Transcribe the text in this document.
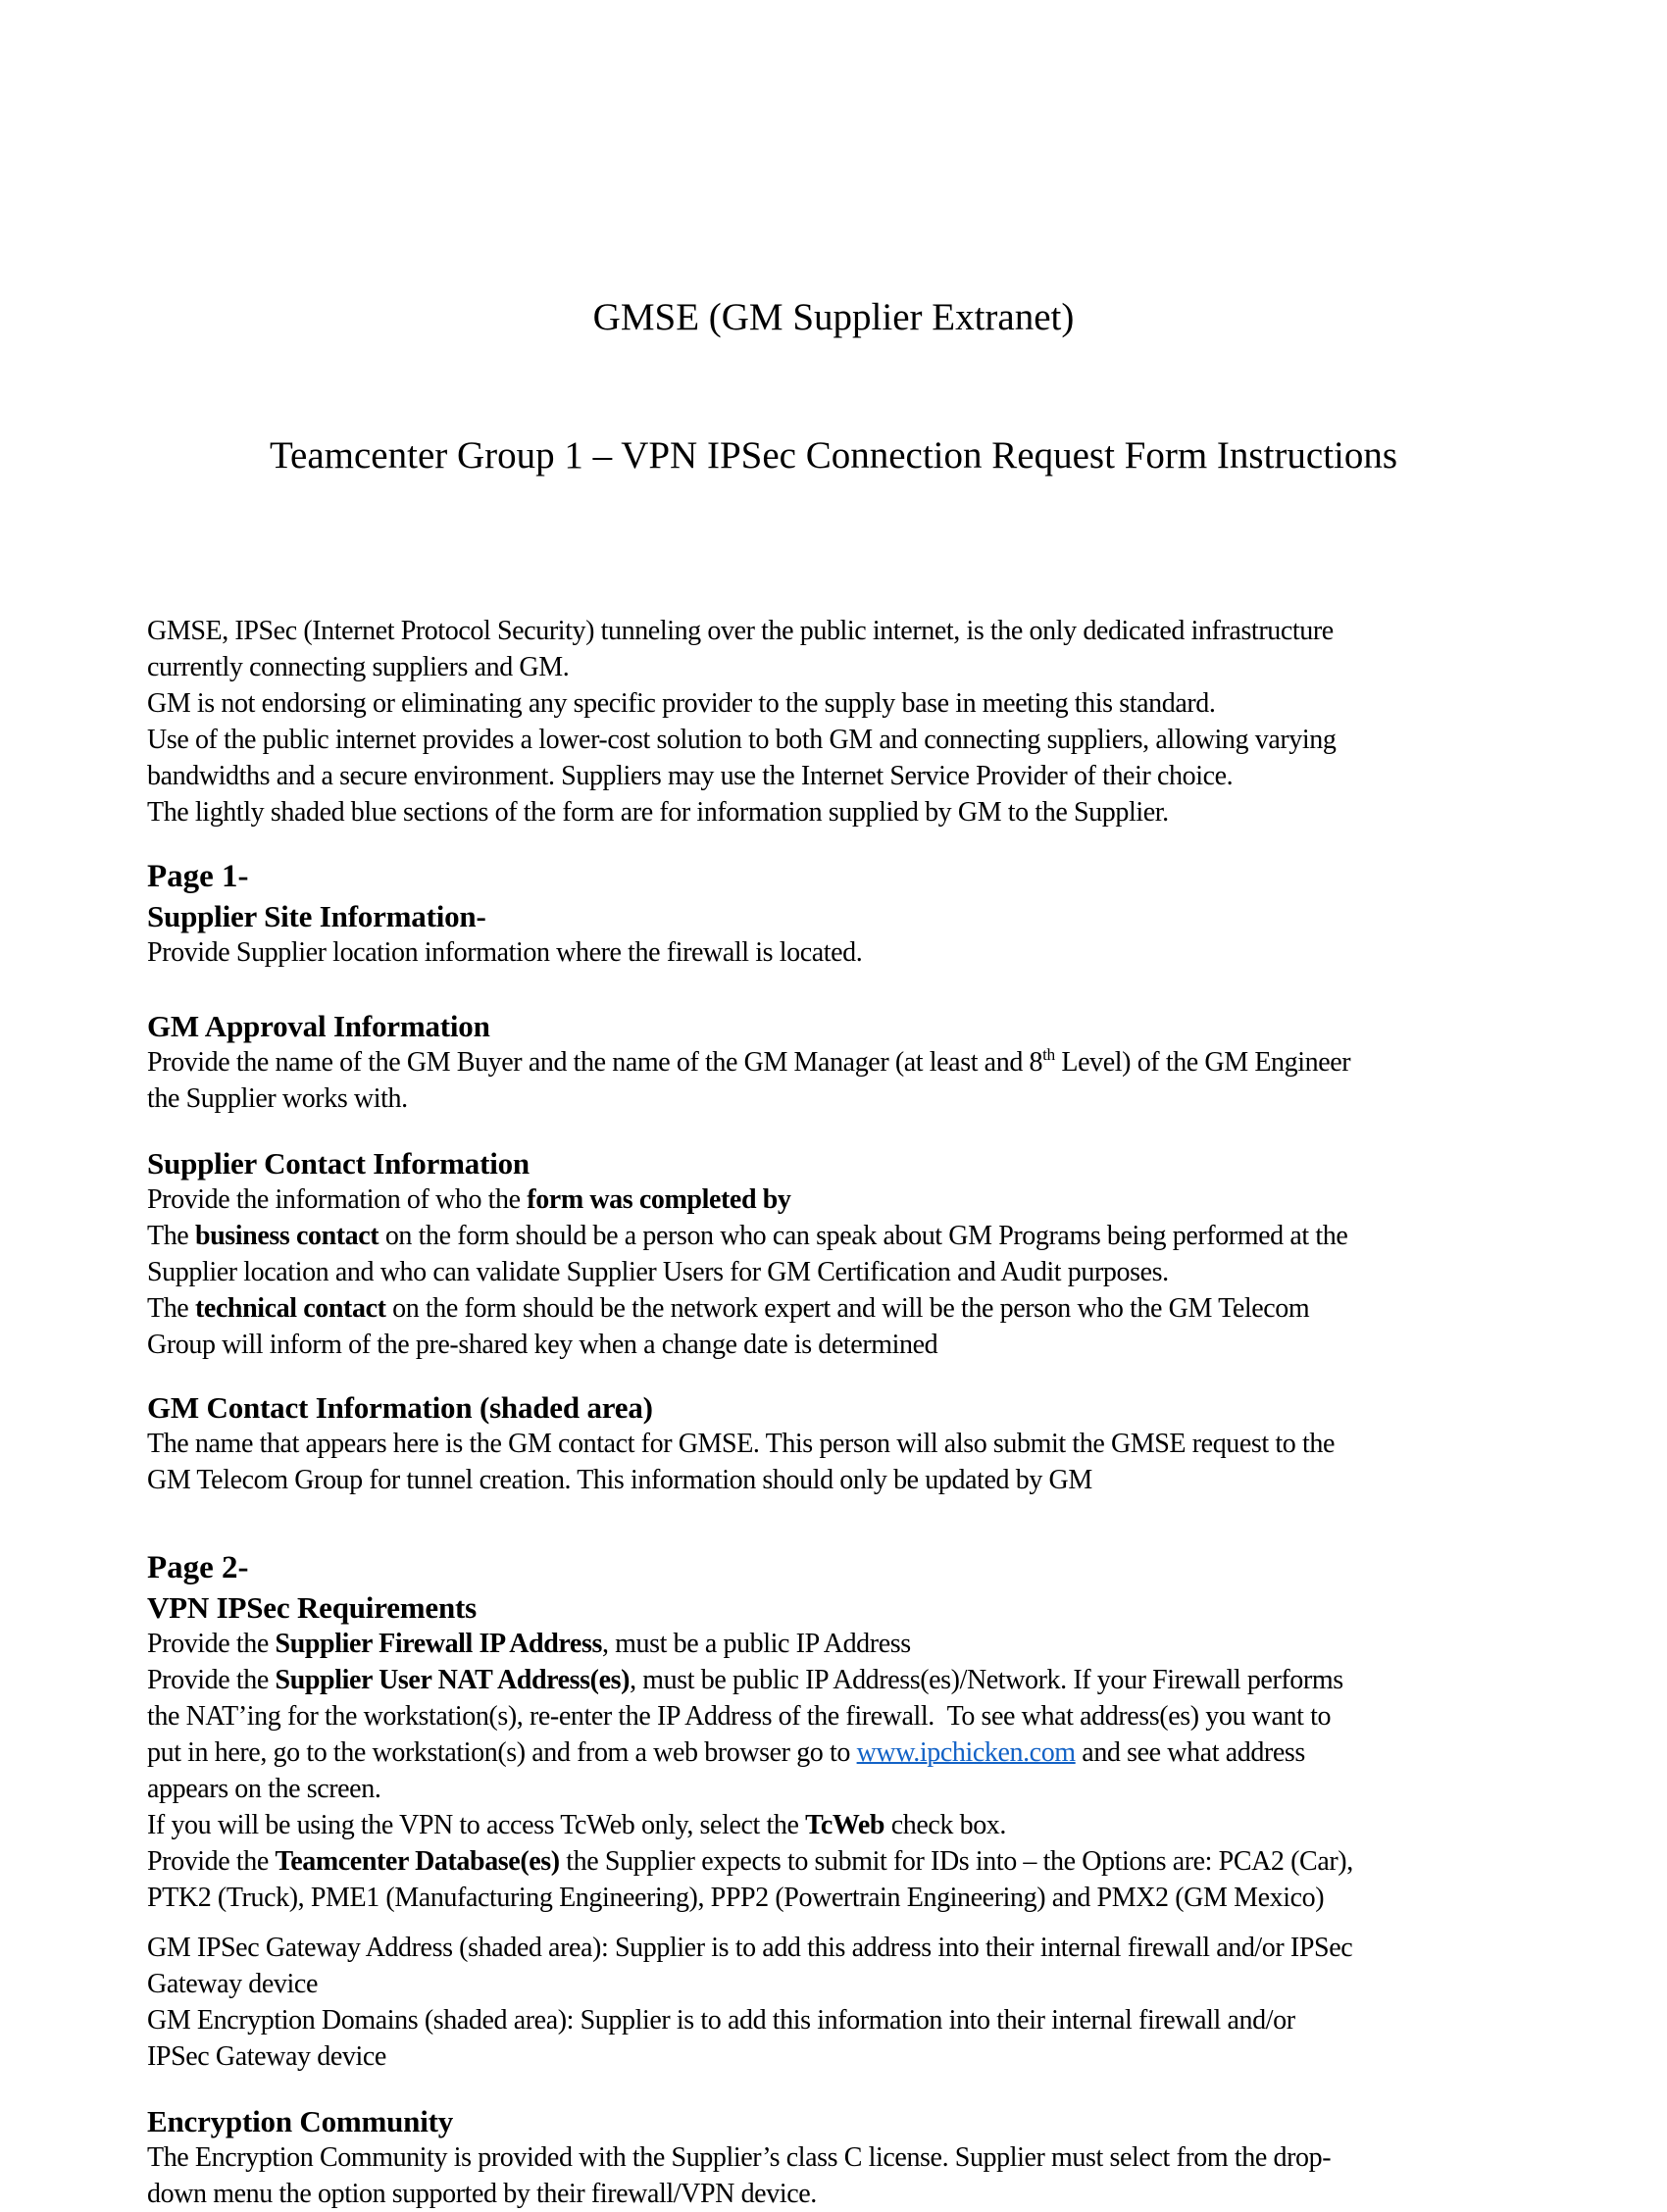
GMSE (GM Supplier Extranet)

Teamcenter Group 1 – VPN IPSec Connection Request Form Instructions

GMSE, IPSec (Internet Protocol Security) tunneling over the public internet, is the only dedicated infrastructure
currently connecting suppliers and GM.
GM is not endorsing or eliminating any specific provider to the supply base in meeting this standard.
Use of the public internet provides a lower-cost solution to both GM and connecting suppliers, allowing varying
bandwidths and a secure environment. Suppliers may use the Internet Service Provider of their choice.
The lightly shaded blue sections of the form are for information supplied by GM to the Supplier.
Page 1-
Supplier Site Information-
Provide Supplier location information where the firewall is located.
GM Approval Information
Provide the name of the GM Buyer and the name of the GM Manager (at least and 8th Level) of the GM Engineer
the Supplier works with.
Supplier Contact Information
Provide the information of who the form was completed by
The business contact on the form should be a person who can speak about GM Programs being performed at the
Supplier location and who can validate Supplier Users for GM Certification and Audit purposes.
The technical contact on the form should be the network expert and will be the person who the GM Telecom
Group will inform of the pre-shared key when a change date is determined
GM Contact Information (shaded area)
The name that appears here is the GM contact for GMSE. This person will also submit the GMSE request to the
GM Telecom Group for tunnel creation. This information should only be updated by GM
Page 2-
VPN IPSec Requirements
Provide the Supplier Firewall IP Address, must be a public IP Address
Provide the Supplier User NAT Address(es), must be public IP Address(es)/Network. If your Firewall performs
the NAT’ing for the workstation(s), re-enter the IP Address of the firewall.  To see what address(es) you want to
put in here, go to the workstation(s) and from a web browser go to www.ipchicken.com and see what address
appears on the screen.
If you will be using the VPN to access TcWeb only, select the TcWeb check box.
Provide the Teamcenter Database(es) the Supplier expects to submit for IDs into – the Options are: PCA2 (Car),
PTK2 (Truck), PME1 (Manufacturing Engineering), PPP2 (Powertrain Engineering) and PMX2 (GM Mexico)
GM IPSec Gateway Address (shaded area): Supplier is to add this address into their internal firewall and/or IPSec
Gateway device
GM Encryption Domains (shaded area): Supplier is to add this information into their internal firewall and/or
IPSec Gateway device
Encryption Community
The Encryption Community is provided with the Supplier’s class C license. Supplier must select from the drop-
down menu the option supported by their firewall/VPN device.
